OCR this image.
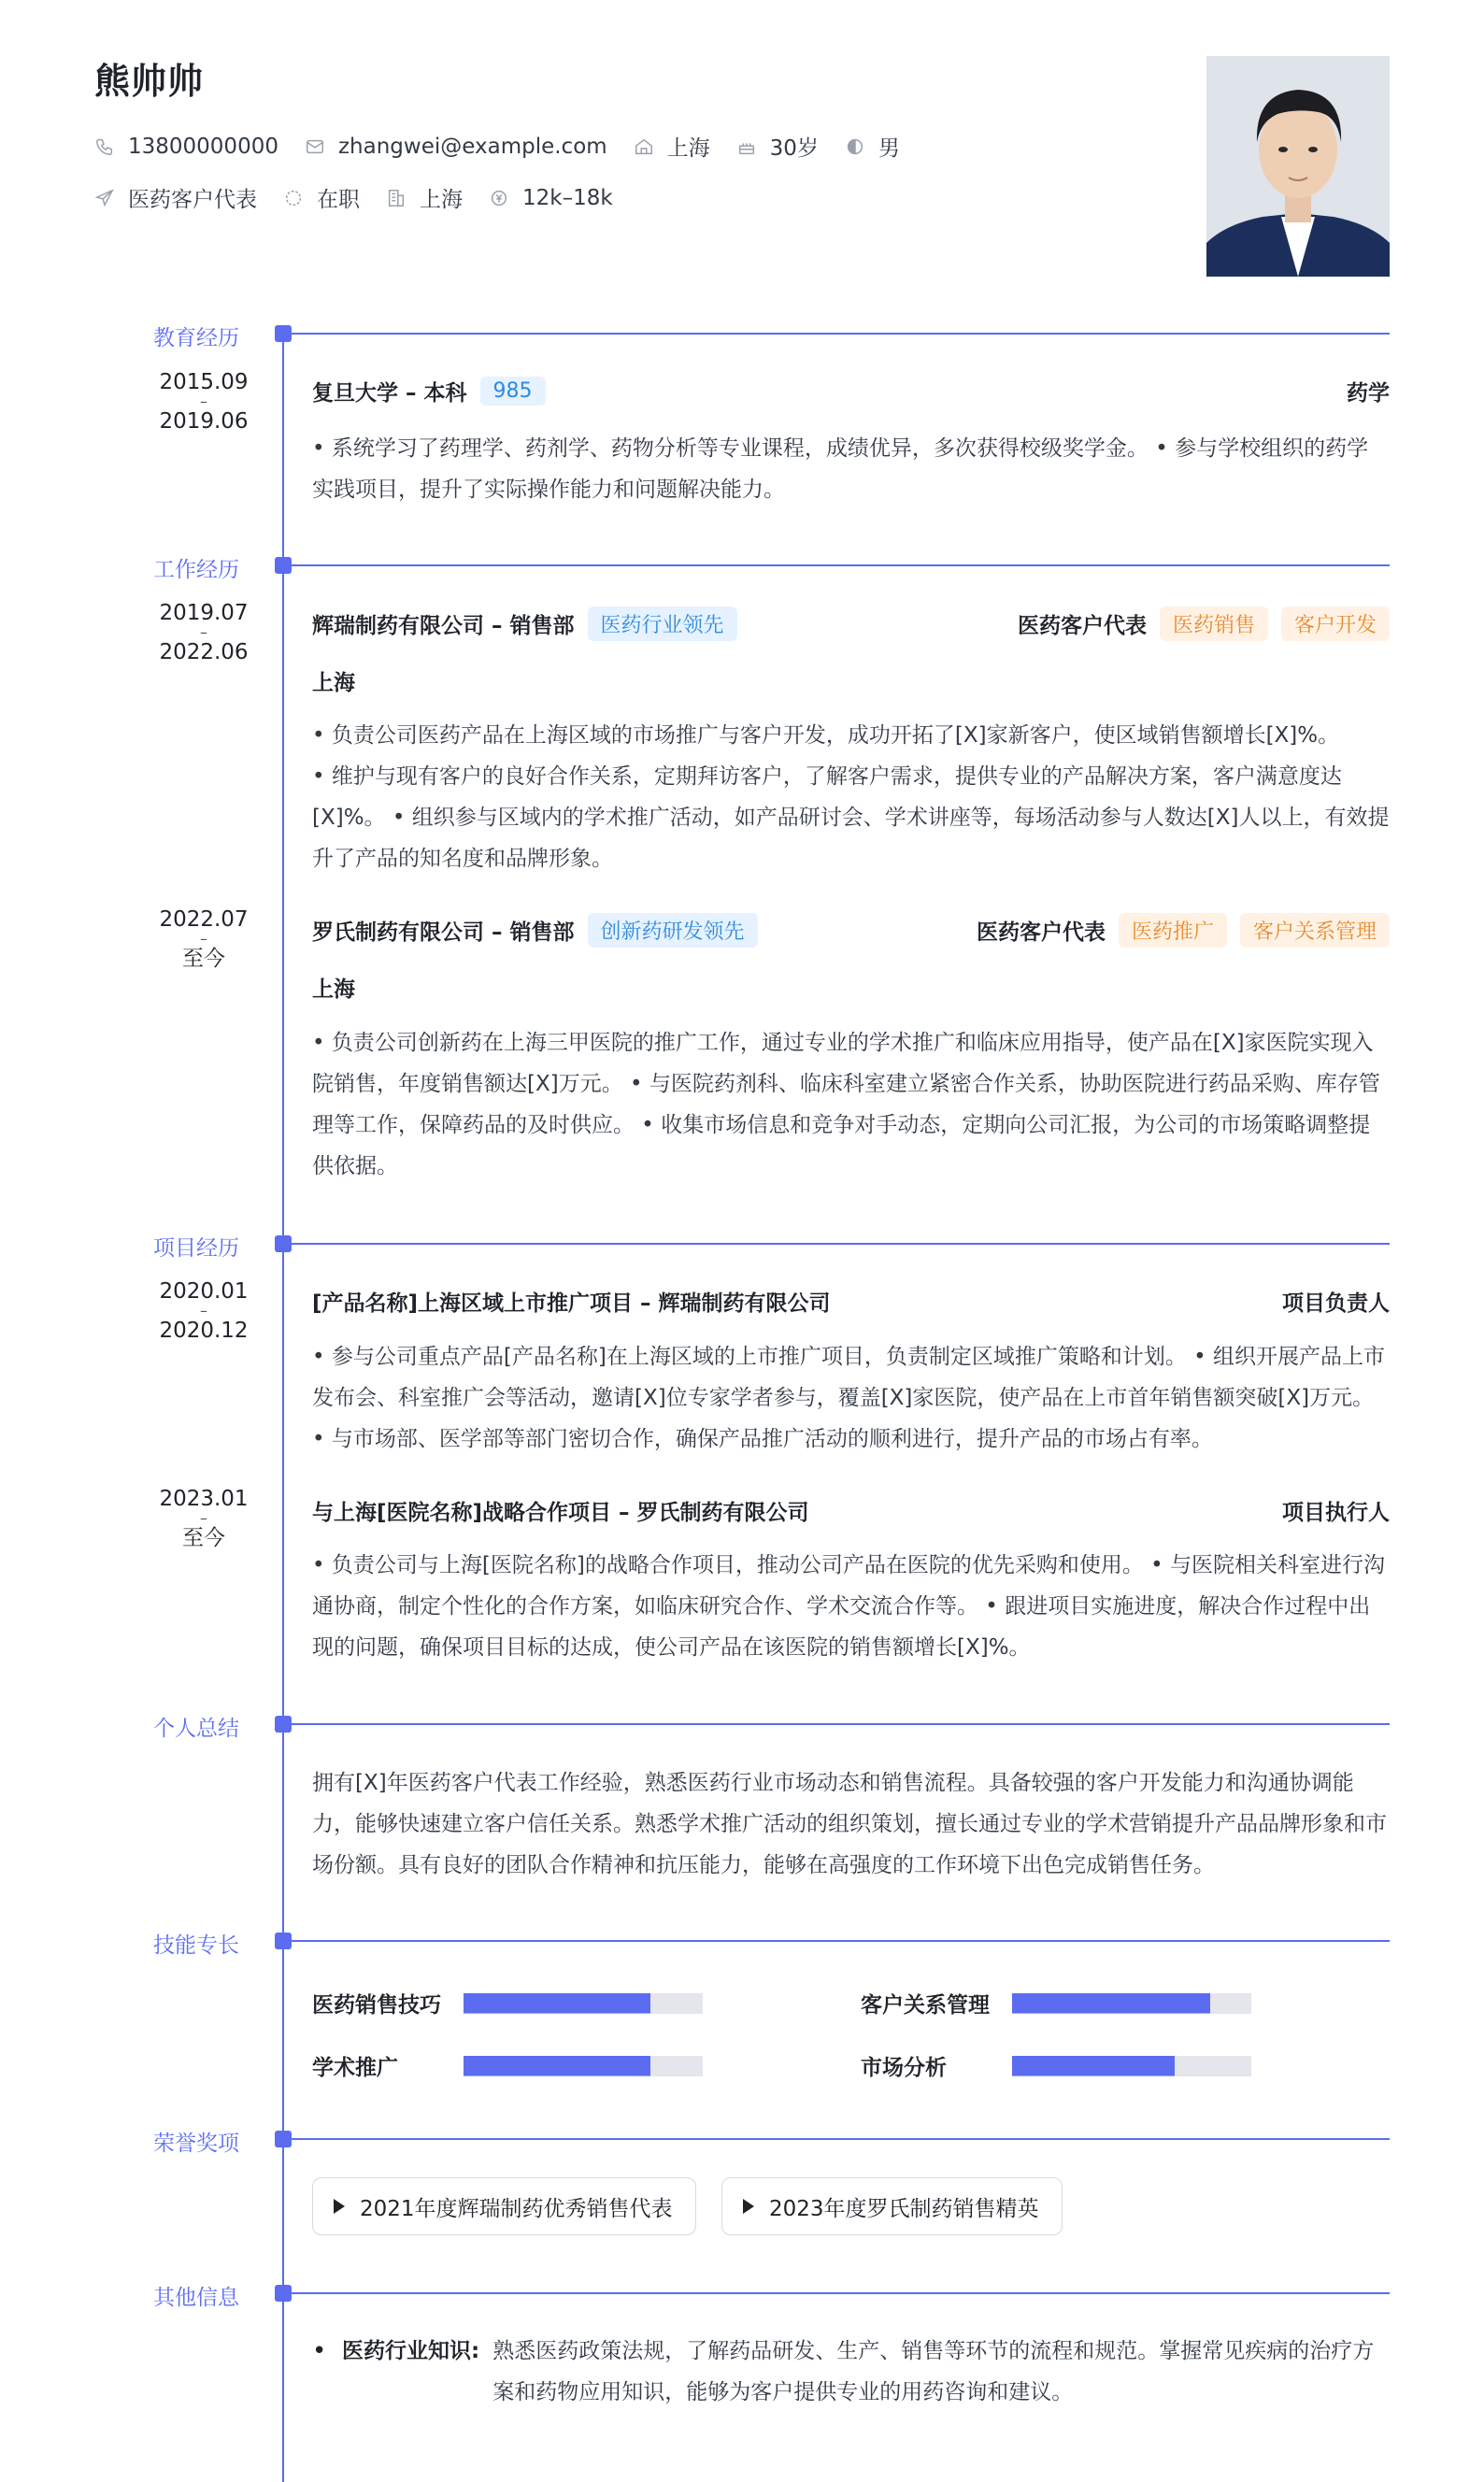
熊帅帅
13800000000	zhangwei@example.com	上海	30岁	男
医药客户代表	在职	上海	12k–18k
教育经历
2015.09
–
2019.06
复旦大学 – 本科	985	药学
• 系统学习了药理学、药剂学、药物分析等专业课程，成绩优异，多次获得校级奖学金。 • 参与学校组织的药学实践项目，提升了实际操作能力和问题解决能力。
工作经历
2019.07
–
2022.06
辉瑞制药有限公司 – 销售部	医药行业领先	医药客户代表	医药销售	客户开发
上海
• 负责公司医药产品在上海区域的市场推广与客户开发，成功开拓了[X]家新客户，使区域销售额增长[X]%。
• 维护与现有客户的良好合作关系，定期拜访客户，了解客户需求，提供专业的产品解决方案，客户满意度达[X]%。 • 组织参与区域内的学术推广活动，如产品研讨会、学术讲座等，每场活动参与人数达[X]人以上，有效提升了产品的知名度和品牌形象。
2022.07
–
至今
罗氏制药有限公司 – 销售部	创新药研发领先	医药客户代表	医药推广	客户关系管理
上海
• 负责公司创新药在上海三甲医院的推广工作，通过专业的学术推广和临床应用指导，使产品在[X]家医院实现入院销售，年度销售额达[X]万元。 • 与医院药剂科、临床科室建立紧密合作关系，协助医院进行药品采购、库存管理等工作，保障药品的及时供应。 • 收集市场信息和竞争对手动态，定期向公司汇报，为公司的市场策略调整提供依据。
项目经历
2020.01
–
2020.12
[产品名称]上海区域上市推广项目 – 辉瑞制药有限公司	项目负责人
• 参与公司重点产品[产品名称]在上海区域的上市推广项目，负责制定区域推广策略和计划。 • 组织开展产品上市发布会、科室推广会等活动，邀请[X]位专家学者参与，覆盖[X]家医院，使产品在上市首年销售额突破[X]万元。 • 与市场部、医学部等部门密切合作，确保产品推广活动的顺利进行，提升产品的市场占有率。
2023.01
–
至今
与上海[医院名称]战略合作项目 – 罗氏制药有限公司	项目执行人
• 负责公司与上海[医院名称]的战略合作项目，推动公司产品在医院的优先采购和使用。 • 与医院相关科室进行沟通协商，制定个性化的合作方案，如临床研究合作、学术交流合作等。 • 跟进项目实施进度，解决合作过程中出现的问题，确保项目目标的达成，使公司产品在该医院的销售额增长[X]%。
个人总结
拥有[X]年医药客户代表工作经验，熟悉医药行业市场动态和销售流程。具备较强的客户开发能力和沟通协调能力，能够快速建立客户信任关系。熟悉学术推广活动的组织策划，擅长通过专业的学术营销提升产品品牌形象和市场份额。具有良好的团队合作精神和抗压能力，能够在高强度的工作环境下出色完成销售任务。
技能专长
医药销售技巧	客户关系管理
学术推广	市场分析
荣誉奖项
2021年度辉瑞制药优秀销售代表	2023年度罗氏制药销售精英
其他信息
• 医药行业知识: 熟悉医药政策法规，了解药品研发、生产、销售等环节的流程和规范。掌握常见疾病的治疗方案和药物应用知识，能够为客户提供专业的用药咨询和建议。
